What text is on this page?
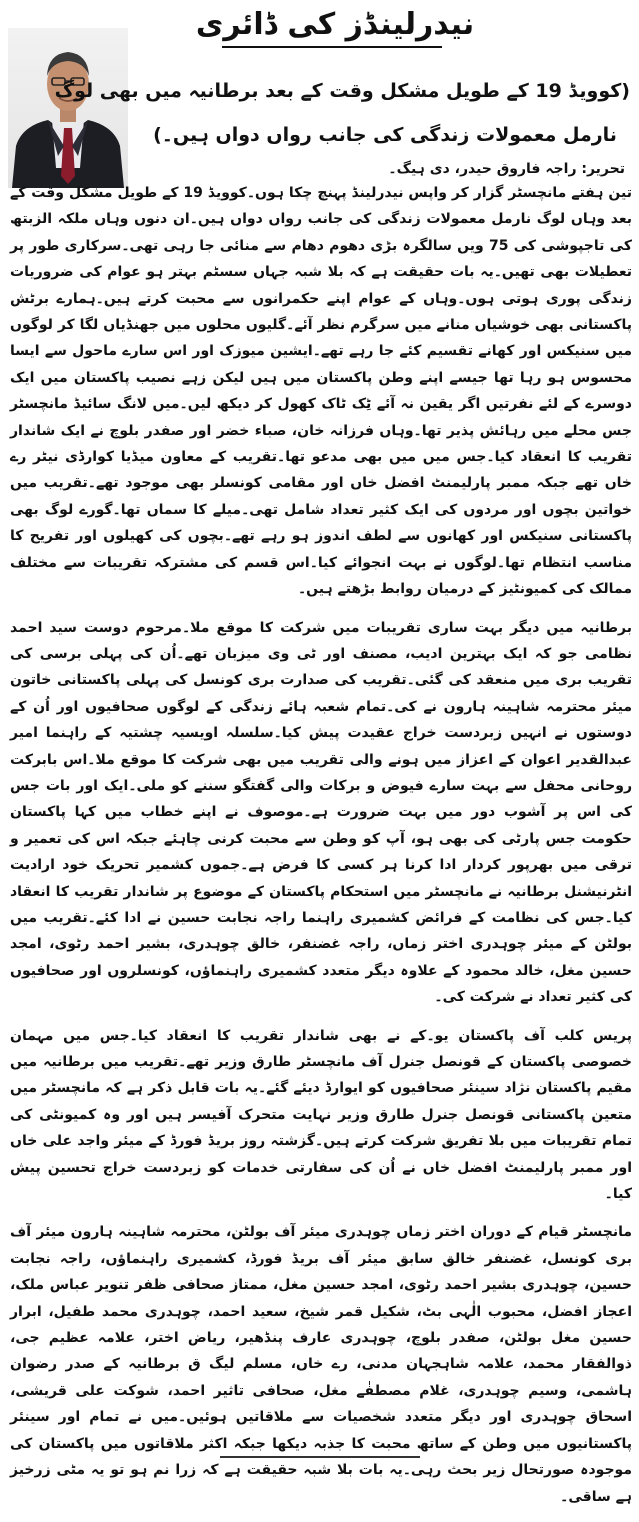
نیدرلینڈز کی ڈائری
(کوویڈ 19 کے طویل مشکل وقت کے بعد برطانیہ میں بھی لوگ
نارمل معمولات زندگی کی جانب رواں دواں ہیں۔)
تحریر: راجہ فاروق حیدر، دی ہیگ۔

تین ہفتے مانچسٹر گزار کر واپس نیدرلینڈ پہنچ چکا ہوں۔کوویڈ 19 کے طویل مشکل وقت کے بعد وہاں لوگ نارمل معمولات زندگی کی جانب رواں دواں ہیں۔ان دنوں وہاں ملکہ الزبتھ کی تاجپوشی کی 75 ویں سالگرہ بڑی دھوم دھام سے منائی جا رہی تھی۔سرکاری طور پر تعطیلات بھی تھیں۔یہ بات حقیقت ہے کہ بلا شبہ جہاں سسٹم بہتر ہو عوام کی ضروریات زندگی پوری ہوتی ہوں۔وہاں کے عوام اپنے حکمرانوں سے محبت کرتے ہیں۔ہمارے برٹش پاکستانی بھی خوشیاں منانے میں سرگرم نظر آئے۔گلیوں محلوں میں جھنڈیاں لگا کر لوگوں میں سنیکس اور کھانے تقسیم کئے جا رہے تھے۔ایشین میوزک اور اس سارے ماحول سے ایسا محسوس ہو رہا تھا جیسے اپنے وطن پاکستان میں ہیں لیکن زہے نصیب پاکستان میں ایک دوسرے کے لئے نفرتیں اگر یقین نہ آئے ٹِک ٹاک کھول کر دیکھ لیں۔میں لانگ سائیڈ مانچسٹر جس محلے میں رہائش پذیر تھا۔وہاں فرزانہ خان، صباء خضر اور صفدر بلوچ نے ایک شاندار تقریب کا انعقاد کیا۔جس میں میں بھی مدعو تھا۔تقریب کے معاون میڈیا کوارڈی نیٹر رے خاں تھے جبکہ ممبر پارلیمنٹ افضل خاں اور مقامی کونسلر بھی موجود تھے۔تقریب میں خواتین بچوں اور مردوں کی ایک کثیر تعداد شامل تھی۔میلے کا سماں تھا۔گورے لوگ بھی پاکستانی سنیکس اور کھانوں سے لطف اندوز ہو رہے تھے۔بچوں کی کھیلوں اور تفریح کا مناسب انتظام تھا۔لوگوں نے بہت انجوائے کیا۔اس قسم کی مشترکہ تقریبات سے مختلف ممالک کی کمیونٹیز کے درمیان روابط بڑھتے ہیں۔

برطانیہ میں دیگر بہت ساری تقریبات میں شرکت کا موقع ملا۔مرحوم دوست سید احمد نظامی جو کہ ایک بہترین ادیب، مصنف اور ٹی وی میزبان تھے۔اُن کی پہلی برسی کی تقریب بری میں منعقد کی گئی۔تقریب کی صدارت بری کونسل کی پہلی پاکستانی خاتون میئر محترمہ شاہینہ ہارون نے کی۔تمام شعبہ ہائے زندگی کے لوگوں صحافیوں اور اُن کے دوستوں نے انہیں زبردست خراج عقیدت پیش کیا۔سلسلہ اویسیہ چشتیہ کے راہنما امیر عبدالقدیر اعوان کے اعزاز میں ہونے والی تقریب میں بھی شرکت کا موقع ملا۔اس بابرکت روحانی محفل سے بہت سارے فیوض و برکات والی گفتگو سننے کو ملی۔ایک اور بات جس کی اس پر آشوب دور میں بہت ضرورت ہے۔موصوف نے اپنے خطاب میں کہا پاکستان حکومت جس پارٹی کی بھی ہو، آپ کو وطن سے محبت کرنی چاہئے جبکہ اس کی تعمیر و ترقی میں بھرپور کردار ادا کرنا ہر کسی کا فرض ہے۔جموں کشمیر تحریک خود ارادیت انٹرنیشنل برطانیہ نے مانچسٹر میں استحکام پاکستان کے موضوع پر شاندار تقریب کا انعقاد کیا۔جس کی نظامت کے فرائض کشمیری راہنما راجہ نجابت حسین نے ادا کئے۔تقریب میں بولٹن کے میئر چوہدری اختر زماں، راجہ غضنفر، خالق چوہدری، بشیر احمد رٹوی، امجد حسین مغل، خالد محمود کے علاوہ دیگر متعدد کشمیری راہنماؤں، کونسلروں اور صحافیوں کی کثیر تعداد نے شرکت کی۔

پریس کلب آف پاکستان یو۔کے نے بھی شاندار تقریب کا انعقاد کیا۔جس میں مہمان خصوصی پاکستان کے قونصل جنرل آف مانچسٹر طارق وزیر تھے۔تقریب میں برطانیہ میں مقیم پاکستان نژاد سینئر صحافیوں کو ایوارڈ دیئے گئے۔یہ بات قابل ذکر ہے کہ مانچسٹر میں متعین پاکستانی قونصل جنرل طارق وزیر نہایت متحرک آفیسر ہیں اور وہ کمیونٹی کی تمام تقریبات میں بلا تفریق شرکت کرتے ہیں۔گزشتہ روز بریڈ فورڈ کے میئر واجد علی خاں اور ممبر پارلیمنٹ افضل خاں نے اُن کی سفارتی خدمات کو زبردست خراج تحسین پیش کیا۔

مانچسٹر قیام کے دوران اختر زماں چوہدری میئر آف بولٹن، محترمہ شاہینہ ہارون میئر آف بری کونسل، غضنفر خالق سابق میئر آف بریڈ فورڈ، کشمیری راہنماؤں، راجہ نجابت حسین، چوہدری بشیر احمد رٹوی، امجد حسین مغل، ممتاز صحافی ظفر تنویر عباس ملک، اعجاز افضل، محبوب الٰہی بٹ، شکیل قمر شیخ، سعید احمد، چوہدری محمد طفیل، ابرار حسین مغل بولٹن، صفدر بلوچ، چوہدری عارف پنڈھیر، ریاض اختر، علامہ عظیم جی، ذوالفقار محمد، علامہ شاہجہان مدنی، رے خاں، مسلم لیگ ق برطانیہ کے صدر رضوان ہاشمی، وسیم چوہدری، غلام مصطفٰے مغل، صحافی تاثیر احمد، شوکت علی قریشی، اسحاق چوہدری اور دیگر متعدد شخصیات سے ملاقاتیں ہوئیں۔میں نے تمام اور سینئر پاکستانیوں میں وطن کے ساتھ محبت کا جذبہ دیکھا جبکہ اکثر ملاقاتوں میں پاکستان کی موجودہ صورتحال زیر بحث رہی۔یہ بات بلا شبہ حقیقت ہے کہ زرا نم ہو تو یہ مٹی زرخیز ہے ساقی۔
